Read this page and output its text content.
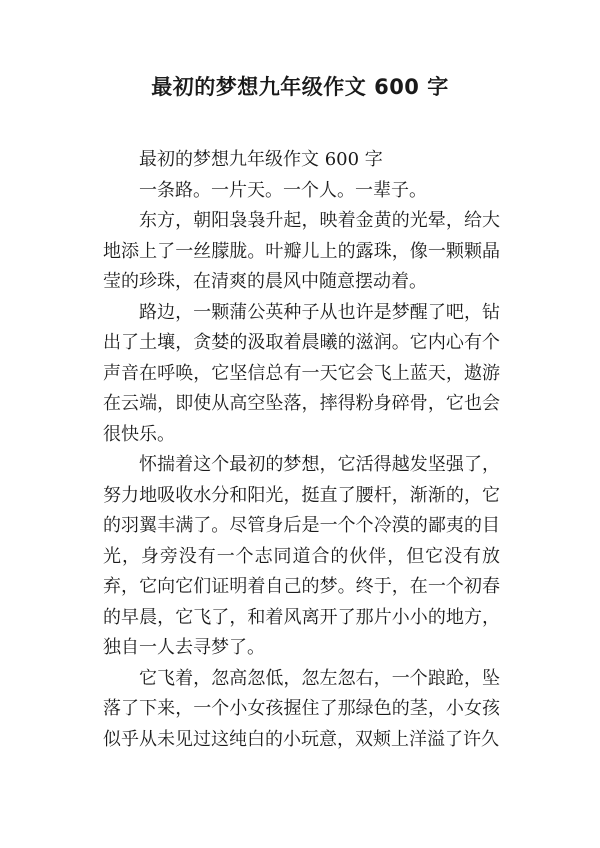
最初的梦想九年级作文 600 字

最初的梦想九年级作文 600 字

一条路。一片天。一个人。一辈子。

东方，朝阳袅袅升起，映着金黄的光晕，给大地添上了一丝朦胧。叶瓣儿上的露珠，像一颗颗晶莹的珍珠，在清爽的晨风中随意摆动着。

路边，一颗蒲公英种子从也许是梦醒了吧，钻出了土壤，贪婪的汲取着晨曦的滋润。它内心有个声音在呼唤，它坚信总有一天它会飞上蓝天，遨游在云端，即使从高空坠落，摔得粉身碎骨，它也会很快乐。

怀揣着这个最初的梦想，它活得越发坚强了，努力地吸收水分和阳光，挺直了腰杆，渐渐的，它的羽翼丰满了。尽管身后是一个个冷漠的鄙夷的目光，身旁没有一个志同道合的伙伴，但它没有放弃，它向它们证明着自己的梦。终于，在一个初春的早晨，它飞了，和着风离开了那片小小的地方，独自一人去寻梦了。

它飞着，忽高忽低，忽左忽右，一个踉跄，坠落了下来，一个小女孩握住了那绿色的茎，小女孩似乎从未见过这纯白的小玩意，双颊上洋溢了许久
